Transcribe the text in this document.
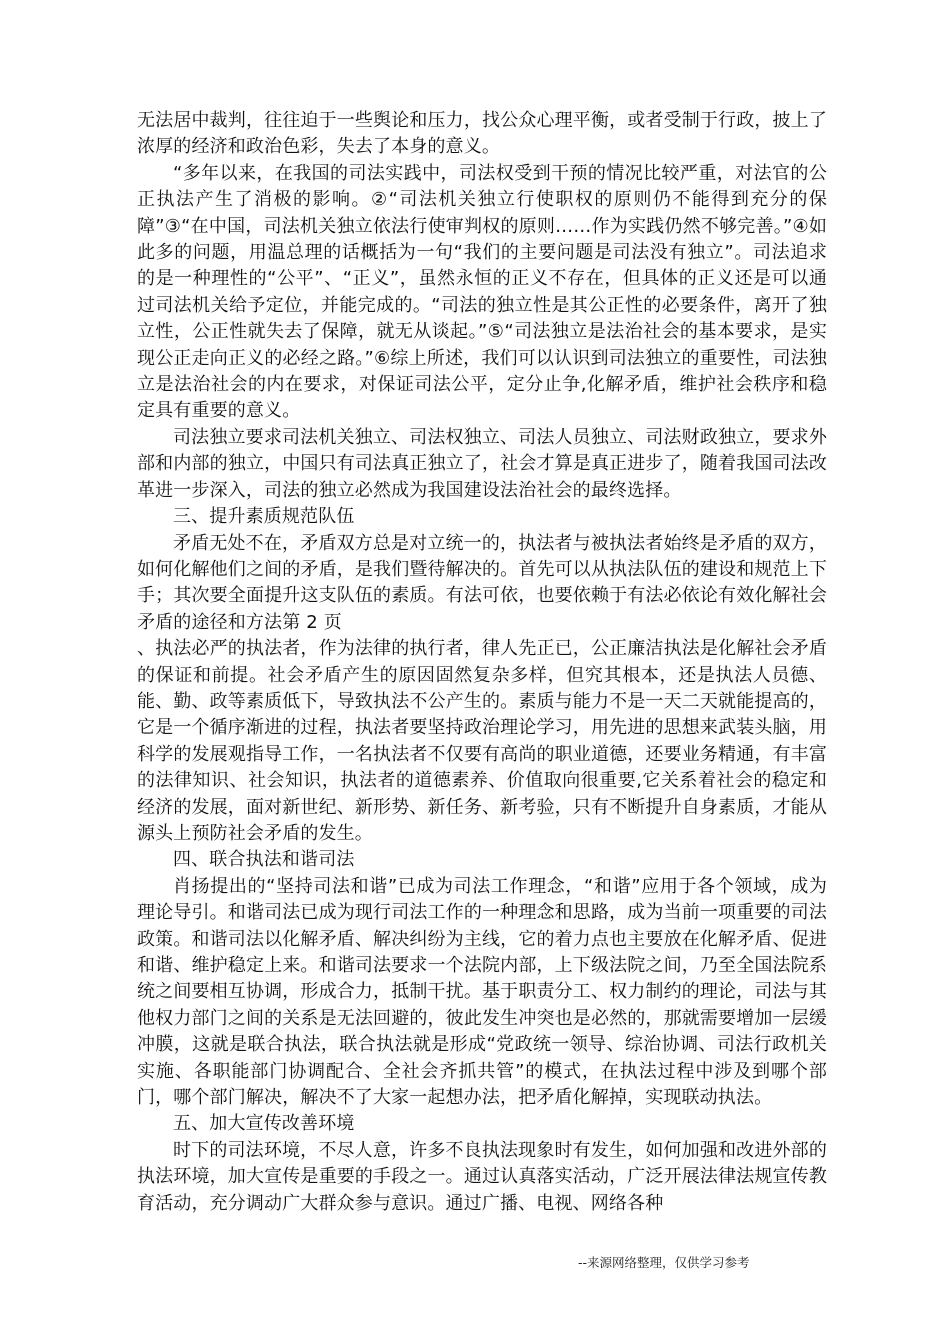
无法居中裁判，往往迫于一些舆论和压力，找公众心理平衡，或者受制于行政，披上了浓厚的经济和政治色彩，失去了本身的意义。

“多年以来，在我国的司法实践中，司法权受到干预的情况比较严重，对法官的公正执法产生了消极的影响。②“司法机关独立行使职权的原则仍不能得到充分的保障”③“在中国，司法机关独立依法行使审判权的原则……作为实践仍然不够完善。”④如此多的问题，用温总理的话概括为一句“我们的主要问题是司法没有独立”。司法追求的是一种理性的“公平”、“正义”，虽然永恒的正义不存在，但具体的正义还是可以通过司法机关给予定位，并能完成的。“司法的独立性是其公正性的必要条件，离开了独立性，公正性就失去了保障，就无从谈起。”⑤“司法独立是法治社会的基本要求，是实现公正走向正义的必经之路。”⑥综上所述，我们可以认识到司法独立的重要性，司法独立是法治社会的内在要求，对保证司法公平，定分止争,化解矛盾，维护社会秩序和稳定具有重要的意义。

司法独立要求司法机关独立、司法权独立、司法人员独立、司法财政独立，要求外部和内部的独立，中国只有司法真正独立了，社会才算是真正进步了，随着我国司法改革进一步深入，司法的独立必然成为我国建设法治社会的最终选择。

三、提升素质规范队伍

矛盾无处不在，矛盾双方总是对立统一的，执法者与被执法者始终是矛盾的双方，如何化解他们之间的矛盾，是我们暨待解决的。首先可以从执法队伍的建设和规范上下手；其次要全面提升这支队伍的素质。有法可依，也要依赖于有法必依论有效化解社会矛盾的途径和方法第 2 页

、执法必严的执法者，作为法律的执行者，律人先正已，公正廉洁执法是化解社会矛盾的保证和前提。社会矛盾产生的原因固然复杂多样，但究其根本，还是执法人员德、能、勤、政等素质低下，导致执法不公产生的。素质与能力不是一天二天就能提高的，它是一个循序渐进的过程，执法者要坚持政治理论学习，用先进的思想来武装头脑，用科学的发展观指导工作，一名执法者不仅要有高尚的职业道德，还要业务精通，有丰富的法律知识、社会知识，执法者的道德素养、价值取向很重要,它关系着社会的稳定和经济的发展，面对新世纪、新形势、新任务、新考验，只有不断提升自身素质，才能从源头上预防社会矛盾的发生。

四、联合执法和谐司法

肖扬提出的“坚持司法和谐”已成为司法工作理念，“和谐”应用于各个领域，成为理论导引。和谐司法已成为现行司法工作的一种理念和思路，成为当前一项重要的司法政策。和谐司法以化解矛盾、解决纠纷为主线，它的着力点也主要放在化解矛盾、促进和谐、维护稳定上来。和谐司法要求一个法院内部，上下级法院之间，乃至全国法院系统之间要相互协调，形成合力，抵制干扰。基于职责分工、权力制约的理论，司法与其他权力部门之间的关系是无法回避的，彼此发生冲突也是必然的，那就需要增加一层缓冲膜，这就是联合执法，联合执法就是形成“党政统一领导、综治协调、司法行政机关实施、各职能部门协调配合、全社会齐抓共管”的模式，在执法过程中涉及到哪个部门，哪个部门解决，解决不了大家一起想办法，把矛盾化解掉，实现联动执法。

五、加大宣传改善环境

时下的司法环境，不尽人意，许多不良执法现象时有发生，如何加强和改进外部的执法环境，加大宣传是重要的手段之一。通过认真落实活动，广泛开展法律法规宣传教育活动，充分调动广大群众参与意识。通过广播、电视、网络各种

--来源网络整理，仅供学习参考
